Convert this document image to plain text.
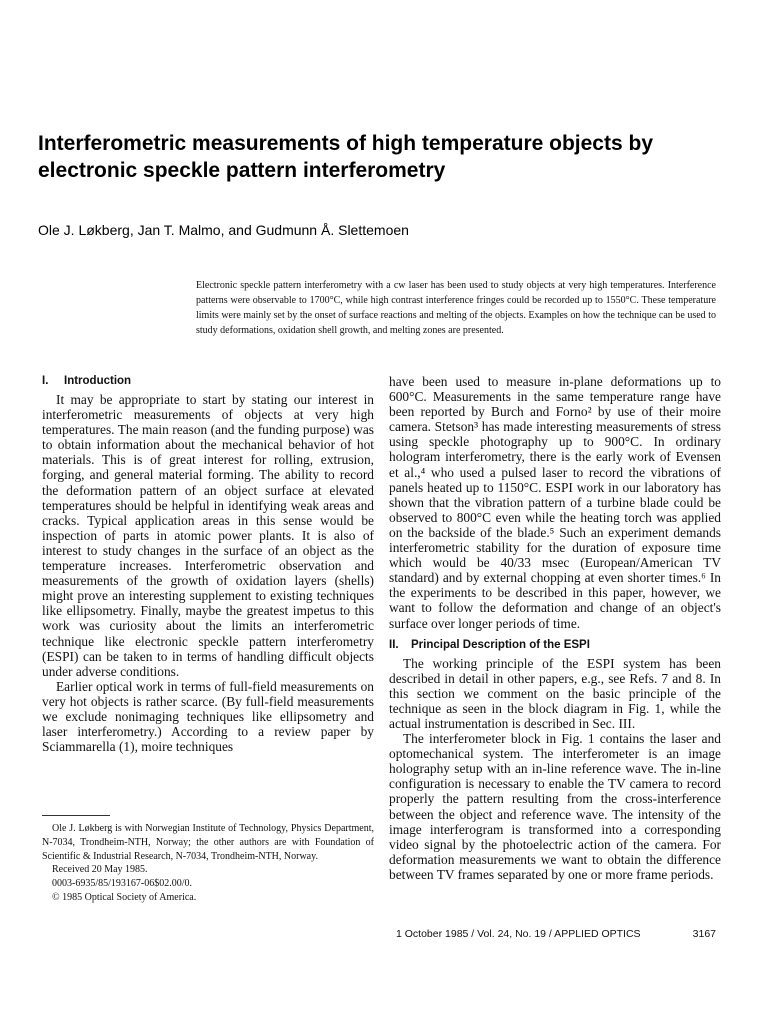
Interferometric measurements of high temperature objects by electronic speckle pattern interferometry

Ole J. Løkberg, Jan T. Malmo, and Gudmunn Å. Slettemoen

Electronic speckle pattern interferometry with a cw laser has been used to study objects at very high temperatures. Interference patterns were observable to 1700°C, while high contrast interference fringes could be recorded up to 1550°C. These temperature limits were mainly set by the onset of surface reactions and melting of the objects. Examples on how the technique can be used to study deformations, oxidation shell growth, and melting zones are presented.

I. Introduction

It may be appropriate to start by stating our interest in interferometric measurements of objects at very high temperatures. The main reason (and the funding purpose) was to obtain information about the mechanical behavior of hot materials. This is of great interest for rolling, extrusion, forging, and general material forming. The ability to record the deformation pattern of an object surface at elevated temperatures should be helpful in identifying weak areas and cracks. Typical application areas in this sense would be inspection of parts in atomic power plants. It is also of interest to study changes in the surface of an object as the temperature increases. Interferometric observation and measurements of the growth of oxidation layers (shells) might prove an interesting supplement to existing techniques like ellipsometry. Finally, maybe the greatest impetus to this work was curiosity about the limits an interferometric technique like electronic speckle pattern interferometry (ESPI) can be taken to in terms of handling difficult objects under adverse conditions.

Earlier optical work in terms of full-field measurements on very hot objects is rather scarce. (By full-field measurements we exclude nonimaging techniques like ellipsometry and laser interferometry.) According to a review paper by Sciammarella (1), moire techniques

have been used to measure in-plane deformations up to 600°C. Measurements in the same temperature range have been reported by Burch and Forno² by use of their moire camera. Stetson³ has made interesting measurements of stress using speckle photography up to 900°C. In ordinary hologram interferometry, there is the early work of Evensen et al.,⁴ who used a pulsed laser to record the vibrations of panels heated up to 1150°C. ESPI work in our laboratory has shown that the vibration pattern of a turbine blade could be observed to 800°C even while the heating torch was applied on the backside of the blade.⁵ Such an experiment demands interferometric stability for the duration of exposure time which would be 40/33 msec (European/American TV standard) and by external chopping at even shorter times.⁶ In the experiments to be described in this paper, however, we want to follow the deformation and change of an object's surface over longer periods of time.

II. Principal Description of the ESPI

The working principle of the ESPI system has been described in detail in other papers, e.g., see Refs. 7 and 8. In this section we comment on the basic principle of the technique as seen in the block diagram in Fig. 1, while the actual instrumentation is described in Sec. III.

The interferometer block in Fig. 1 contains the laser and optomechanical system. The interferometer is an image holography setup with an in-line reference wave. The in-line configuration is necessary to enable the TV camera to record properly the pattern resulting from the cross-interference between the object and reference wave. The intensity of the image interferogram is transformed into a corresponding video signal by the photoelectric action of the camera. For deformation measurements we want to obtain the difference between TV frames separated by one or more frame periods.

Ole J. Løkberg is with Norwegian Institute of Technology, Physics Department, N-7034, Trondheim-NTH, Norway; the other authors are with Foundation of Scientific & Industrial Research, N-7034, Trondheim-NTH, Norway.

Received 20 May 1985.

0003-6935/85/193167-06$02.00/0.

© 1985 Optical Society of America.

1 October 1985 / Vol. 24, No. 19 / APPLIED OPTICS	3167
